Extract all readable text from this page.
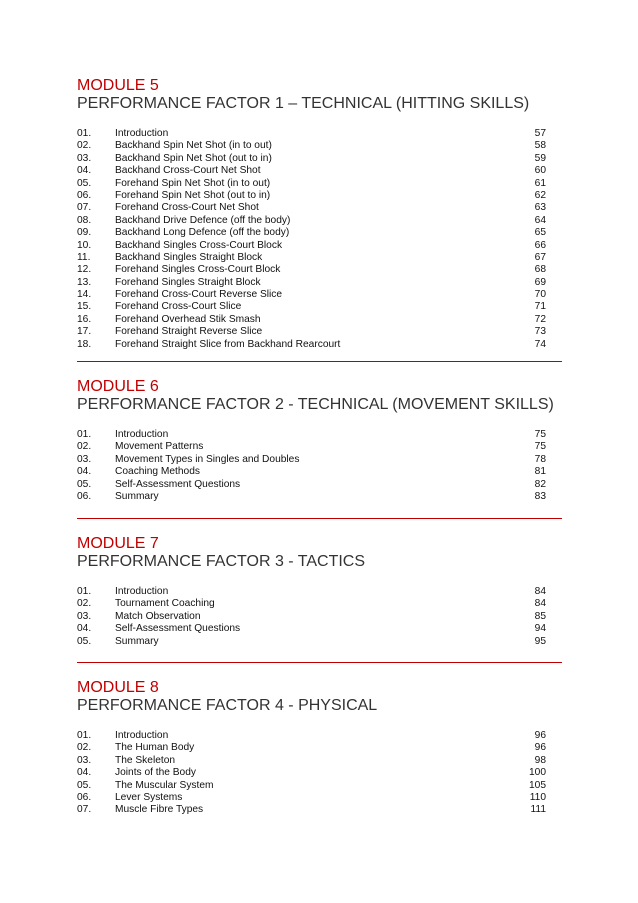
MODULE 5
PERFORMANCE FACTOR 1 – TECHNICAL (HITTING SKILLS)
01. Introduction	57
02. Backhand Spin Net Shot (in to out)	58
03. Backhand Spin Net Shot (out to in)	59
04. Backhand Cross-Court Net Shot	60
05. Forehand Spin Net Shot (in to out)	61
06. Forehand Spin Net Shot (out to in)	62
07. Forehand Cross-Court Net Shot	63
08. Backhand Drive Defence (off the body)	64
09. Backhand Long Defence (off the body)	65
10. Backhand Singles Cross-Court Block	66
11. Backhand Singles Straight Block	67
12. Forehand Singles Cross-Court Block	68
13. Forehand Singles Straight Block	69
14. Forehand Cross-Court Reverse Slice	70
15. Forehand Cross-Court Slice	71
16. Forehand Overhead Stik Smash	72
17. Forehand Straight Reverse Slice	73
18. Forehand Straight Slice from Backhand Rearcourt	74
MODULE 6
PERFORMANCE FACTOR 2 - TECHNICAL (MOVEMENT SKILLS)
01. Introduction	75
02. Movement Patterns	75
03. Movement Types in Singles and Doubles	78
04. Coaching Methods	81
05. Self-Assessment Questions	82
06. Summary	83
MODULE 7
PERFORMANCE FACTOR 3 - TACTICS
01. Introduction	84
02. Tournament Coaching	84
03. Match Observation	85
04. Self-Assessment Questions	94
05. Summary	95
MODULE 8
PERFORMANCE FACTOR 4 - PHYSICAL
01. Introduction	96
02. The Human Body	96
03. The Skeleton	98
04. Joints of the Body	100
05. The Muscular System	105
06. Lever Systems	110
07. Muscle Fibre Types	111
